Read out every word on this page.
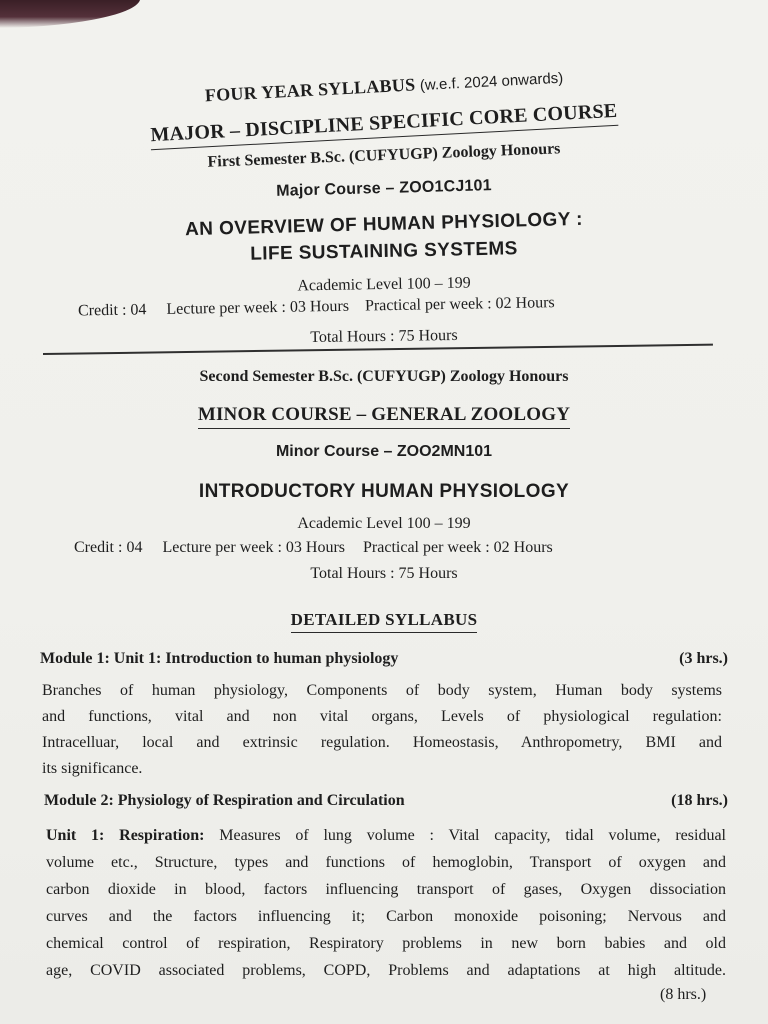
FOUR YEAR SYLLABUS (w.e.f. 2024 onwards)
MAJOR – DISCIPLINE SPECIFIC CORE COURSE
First Semester B.Sc. (CUFYUGP) Zoology Honours
Major Course – ZOO1CJ101
AN OVERVIEW OF HUMAN PHYSIOLOGY :
LIFE SUSTAINING SYSTEMS
Academic Level 100 – 199
Credit : 04 Lecture per week : 03 Hours Practical per week : 02 Hours
Total Hours : 75 Hours
Second Semester B.Sc. (CUFYUGP) Zoology Honours
MINOR COURSE – GENERAL ZOOLOGY
Minor Course – ZOO2MN101
INTRODUCTORY HUMAN PHYSIOLOGY
Academic Level 100 – 199
Credit : 04 Lecture per week : 03 Hours Practical per week : 02 Hours
Total Hours : 75 Hours
DETAILED SYLLABUS
Module 1: Unit 1: Introduction to human physiology	(3 hrs.)
Branches of human physiology, Components of body system, Human body systems
and functions, vital and non vital organs, Levels of physiological regulation:
Intracelluar, local and extrinsic regulation. Homeostasis, Anthropometry, BMI and
its significance.
Module 2: Physiology of Respiration and Circulation	(18 hrs.)
Unit 1: Respiration: Measures of lung volume : Vital capacity, tidal volume, residual
volume etc., Structure, types and functions of hemoglobin, Transport of oxygen and
carbon dioxide in blood, factors influencing transport of gases, Oxygen dissociation
curves and the factors influencing it; Carbon monoxide poisoning; Nervous and
chemical control of respiration, Respiratory problems in new born babies and old
age, COVID associated problems, COPD, Problems and adaptations at high altitude.
(8 hrs.)
